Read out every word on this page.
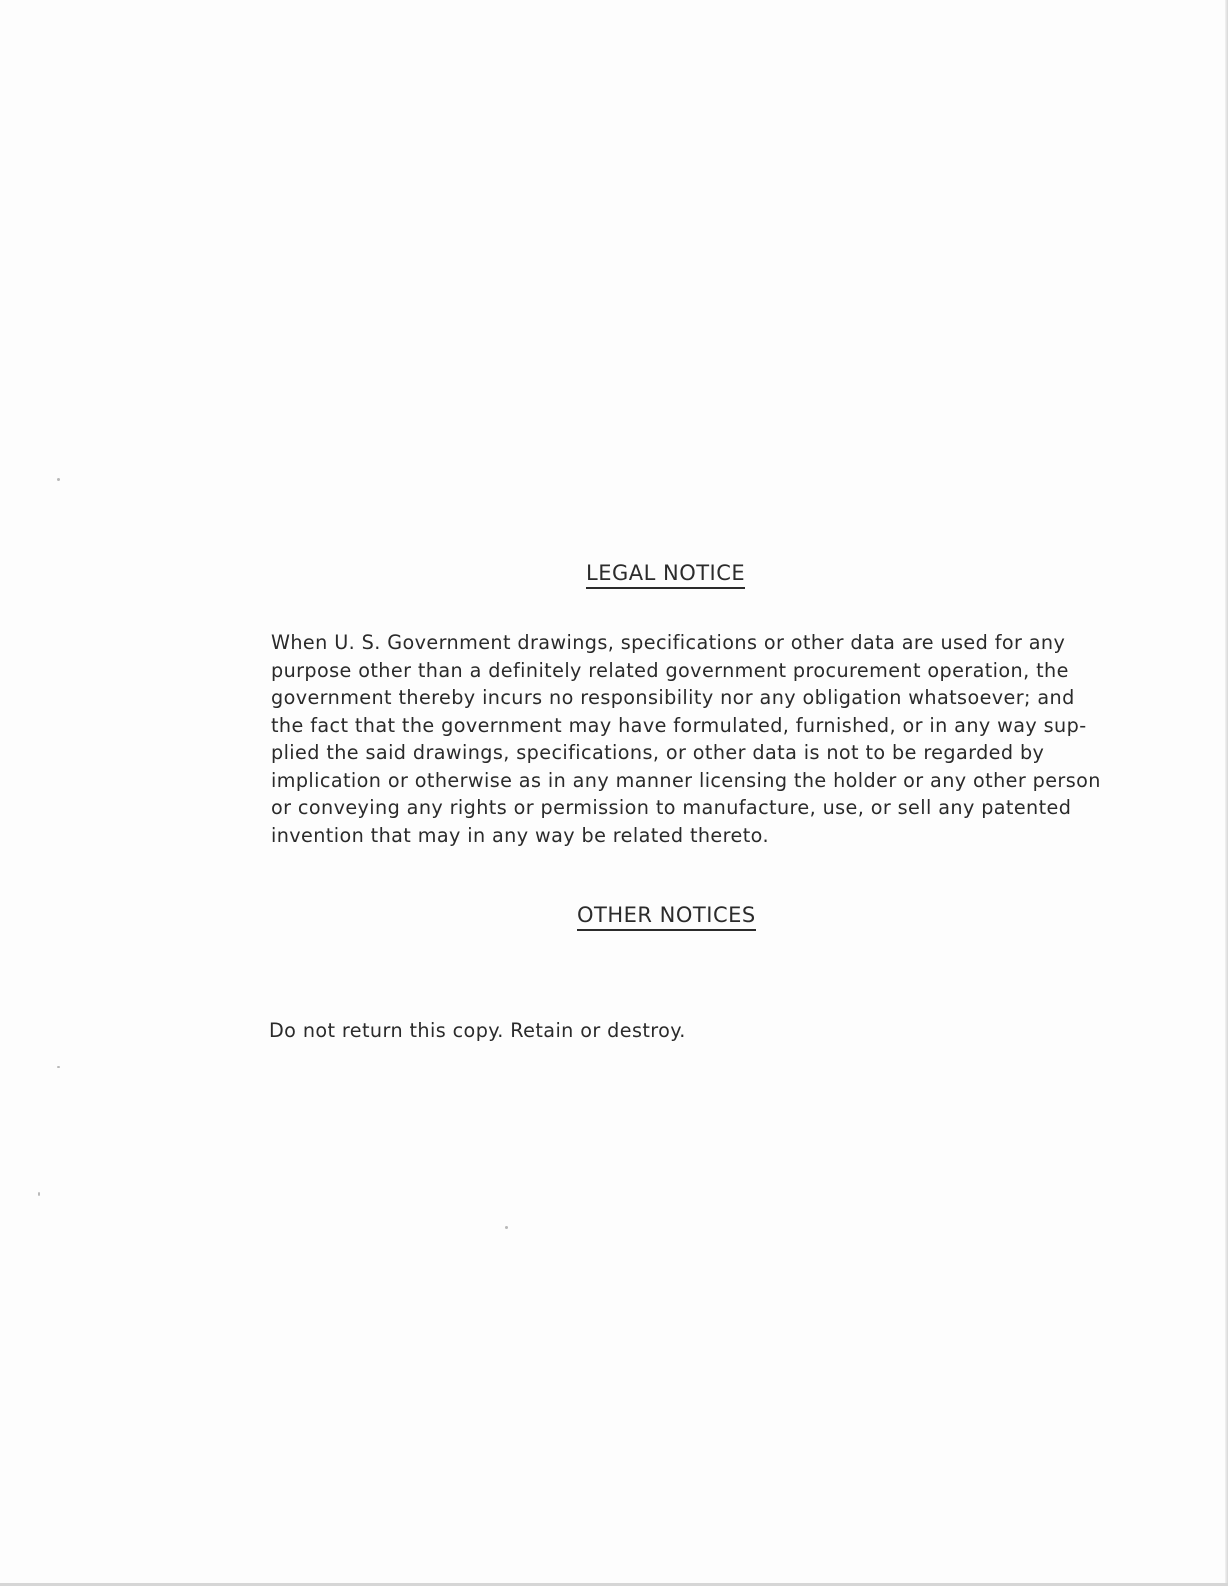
LEGAL NOTICE
When U. S. Government drawings, specifications or other data are used for any
purpose other than a definitely related government procurement operation, the
government thereby incurs no responsibility nor any obligation whatsoever; and
the fact that the government may have formulated, furnished, or in any way sup-
plied the said drawings, specifications, or other data is not to be regarded by
implication or otherwise as in any manner licensing the holder or any other person
or conveying any rights or permission to manufacture, use, or sell any patented
invention that may in any way be related thereto.
OTHER NOTICES
Do not return this copy. Retain or destroy.
